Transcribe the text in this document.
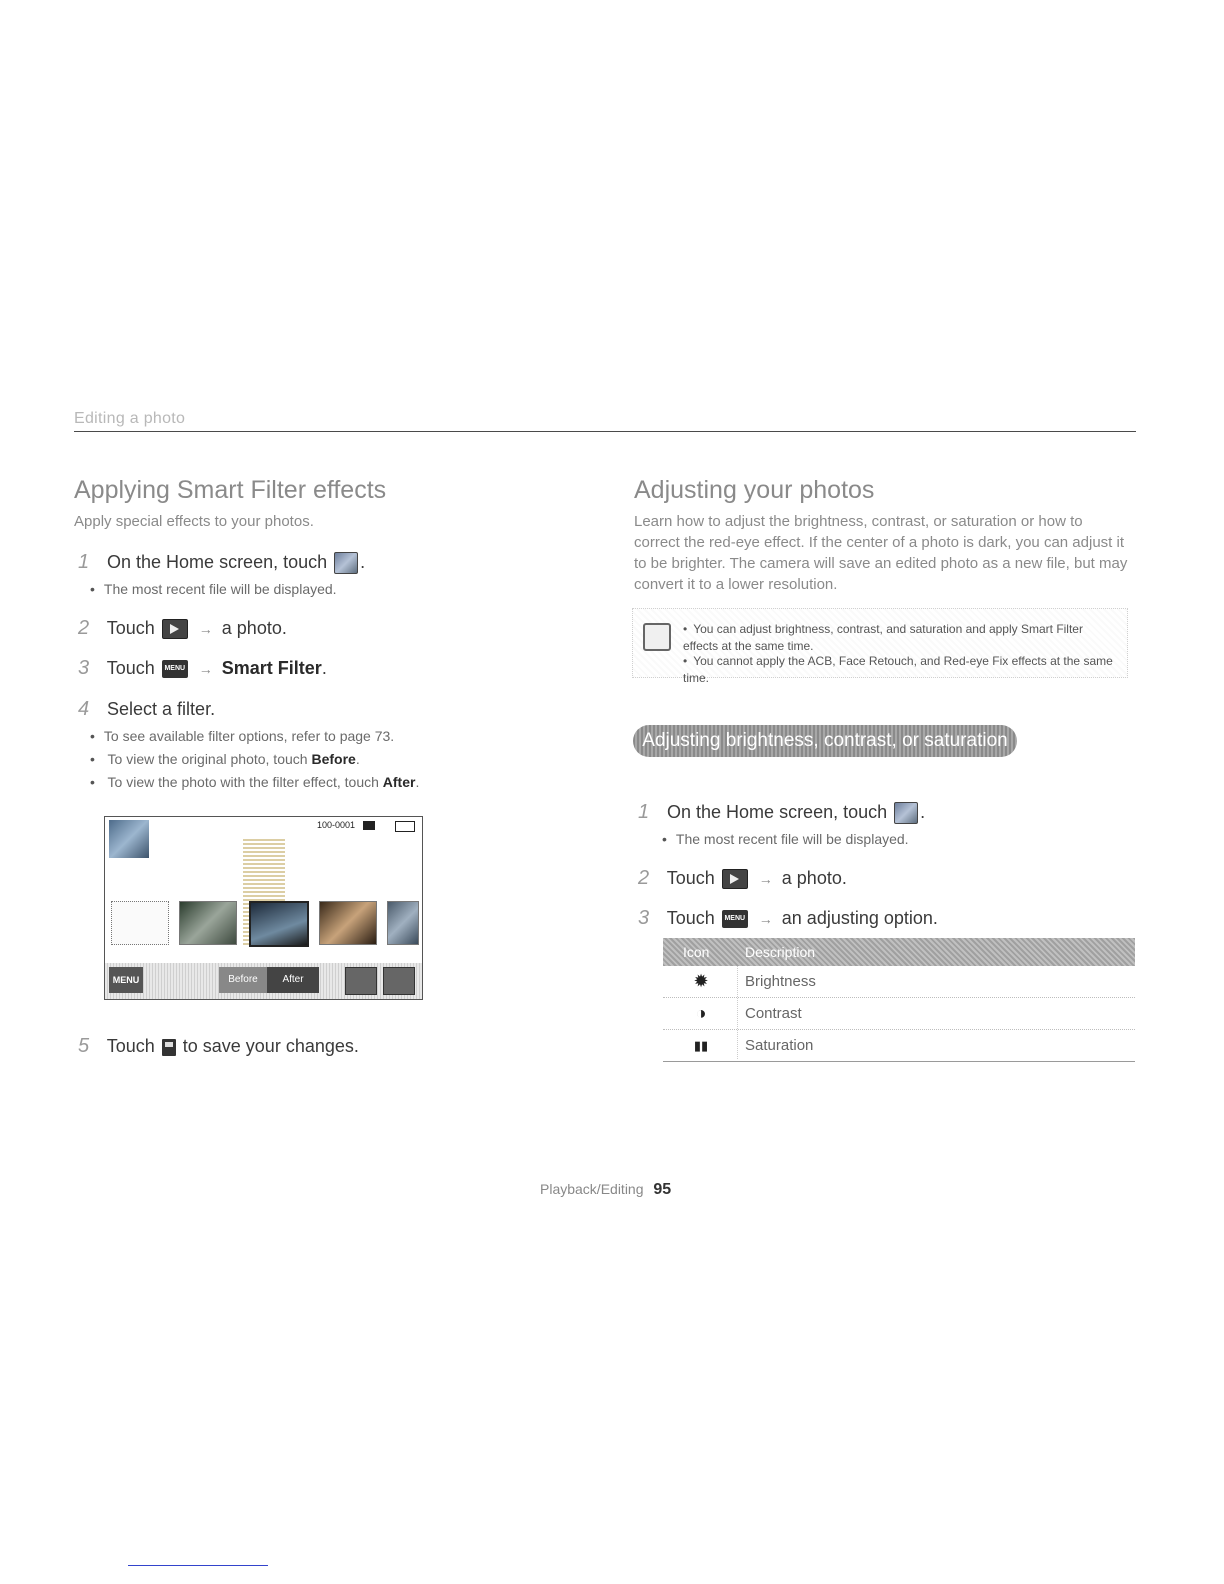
Editing a photo
Applying Smart Filter effects
Apply special effects to your photos.
1 On the Home screen, touch .
• The most recent file will be displayed.
2 Touch	→ a photo.
3 Touch MENU → Smart Filter.
4 Select a filter.
• To see available filter options, refer to page 73.
• To view the original photo, touch Before.
• To view the photo with the filter effect, touch After.
100-0001
MENU	Before	After
5 Touch to save your changes.
Adjusting your photos
Learn how to adjust the brightness, contrast, or saturation or how to correct the red-eye effect. If the center of a photo is dark, you can adjust it to be brighter. The camera will save an edited photo as a new file, but may convert it to a lower resolution.
• You can adjust brightness, contrast, and saturation and apply Smart Filter effects at the same time.
• You cannot apply the ACB, Face Retouch, and Red-eye Fix effects at the same time.
Adjusting brightness, contrast, or saturation
1 On the Home screen, touch .
• The most recent file will be displayed.
2 Touch	→ a photo.
3 Touch MENU → an adjusting option.
Icon	Description
✹ Brightness
◑	Contrast
▮▮	Saturation
Playback/Editing 95
